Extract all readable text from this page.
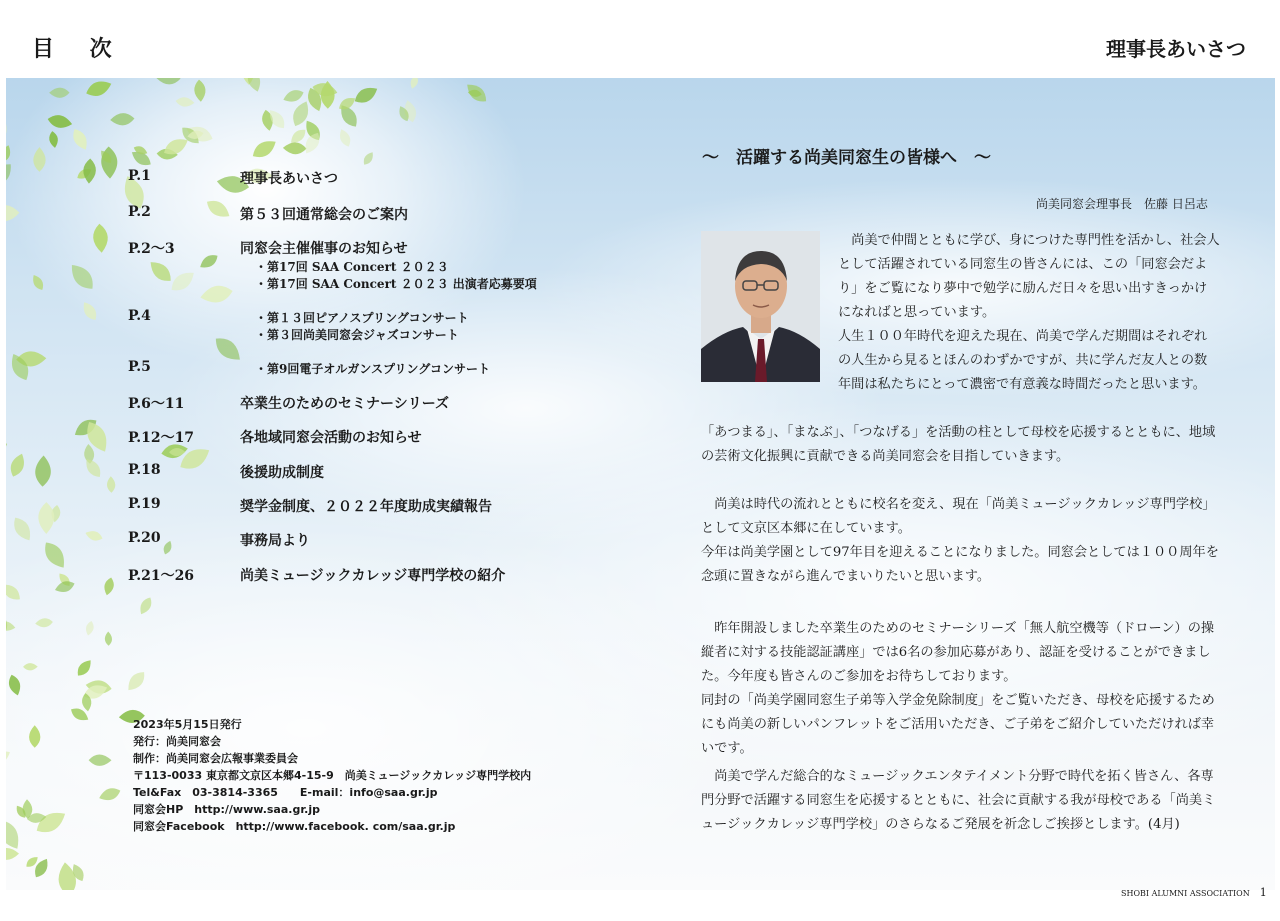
目 次	理事長あいさつ
P.1	理事長あいさつ
P.2	第５３回通常総会のご案内
P.2〜3	同窓会主催催事のお知らせ
・第17回 SAA Concert ２０２３
・第17回 SAA Concert ２０２３ 出演者応募要項
P.4	・第１３回ピアノスプリングコンサート
・第３回尚美同窓会ジャズコンサート
P.5	・第9回電子オルガンスプリングコンサート
P.6〜11	卒業生のためのセミナーシリーズ
P.12〜17	各地域同窓会活動のお知らせ
P.18	後援助成制度
P.19	奨学金制度、２０２２年度助成実績報告
P.20	事務局より
P.21〜26	尚美ミュージックカレッジ専門学校の紹介
2023年5月15日発行
発行：尚美同窓会
制作：尚美同窓会広報事業委員会
〒113-0033 東京都文京区本郷4-15-9　尚美ミュージックカレッジ専門学校内
Tel&Fax　03-3814-3365　　E-mail：info@saa.gr.jp
同窓会HP　http://www.saa.gr.jp
同窓会Facebook　http://www.facebook. com/saa.gr.jp
〜　活躍する尚美同窓生の皆様へ　〜
尚美同窓会理事長　佐藤 日呂志
尚美で仲間とともに学び、身につけた専門性を活かし、社会人として活躍されている同窓生の皆さんには、この「同窓会だより」をご覧になり夢中で勉学に励んだ日々を思い出すきっかけになればと思っています。
人生１００年時代を迎えた現在、尚美で学んだ期間はそれぞれの人生から見るとほんのわずかですが、共に学んだ友人との数年間は私たちにとって濃密で有意義な時間だったと思います。
「あつまる」、「まなぶ」、「つなげる」を活動の柱として母校を応援するとともに、地域の芸術文化振興に貢献できる尚美同窓会を目指していきます。
尚美は時代の流れとともに校名を変え、現在「尚美ミュージックカレッジ専門学校」として文京区本郷に在しています。
今年は尚美学園として97年目を迎えることになりました。同窓会としては１００周年を念頭に置きながら進んでまいりたいと思います。
昨年開設しました卒業生のためのセミナーシリーズ「無人航空機等（ドローン）の操縦者に対する技能認証講座」では6名の参加応募があり、認証を受けることができました。今年度も皆さんのご参加をお待ちしております。
同封の「尚美学園同窓生子弟等入学金免除制度」をご覧いただき、母校を応援するためにも尚美の新しいパンフレットをご活用いただき、ご子弟をご紹介していただければ幸いです。
尚美で学んだ総合的なミュージックエンタテイメント分野で時代を拓く皆さん、各専門分野で活躍する同窓生を応援するとともに、社会に貢献する我が母校である「尚美ミュージックカレッジ専門学校」のさらなるご発展を祈念しご挨拶とします。(4月)
SHOBI ALUMNI ASSOCIATION 1
